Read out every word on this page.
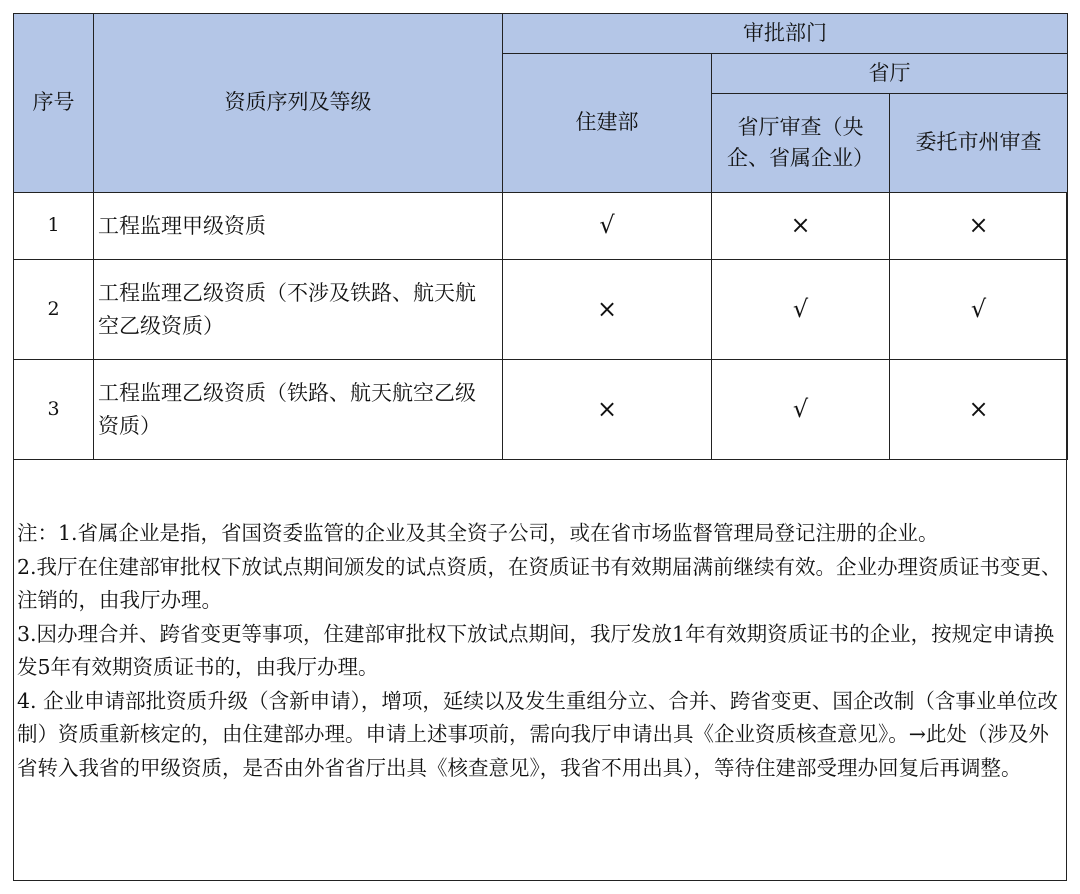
序号	资质序列及等级	审批部门		
		住建部	省厅	
			省厅审查（央企、省属企业）	委托市州审查
1	工程监理甲级资质	√	×	×
2	工程监理乙级资质（不涉及铁路、航天航空乙级资质）	×	√	√
3	工程监理乙级资质（铁路、航天航空乙级资质）	×	√	×

注：1.省属企业是指，省国资委监管的企业及其全资子公司，或在省市场监督管理局登记注册的企业。

2.我厅在住建部审批权下放试点期间颁发的试点资质，在资质证书有效期届满前继续有效。企业办理资质证书变更、注销的，由我厅办理。

3.因办理合并、跨省变更等事项，住建部审批权下放试点期间，我厅发放1年有效期资质证书的企业，按规定申请换发5年有效期资质证书的，由我厅办理。

4. 企业申请部批资质升级（含新申请），增项，延续以及发生重组分立、合并、跨省变更、国企改制（含事业单位改制）资质重新核定的，由住建部办理。申请上述事项前，需向我厅申请出具《企业资质核查意见》。→此处（涉及外省转入我省的甲级资质，是否由外省省厅出具《核查意见》，我省不用出具），等待住建部受理办回复后再调整。
